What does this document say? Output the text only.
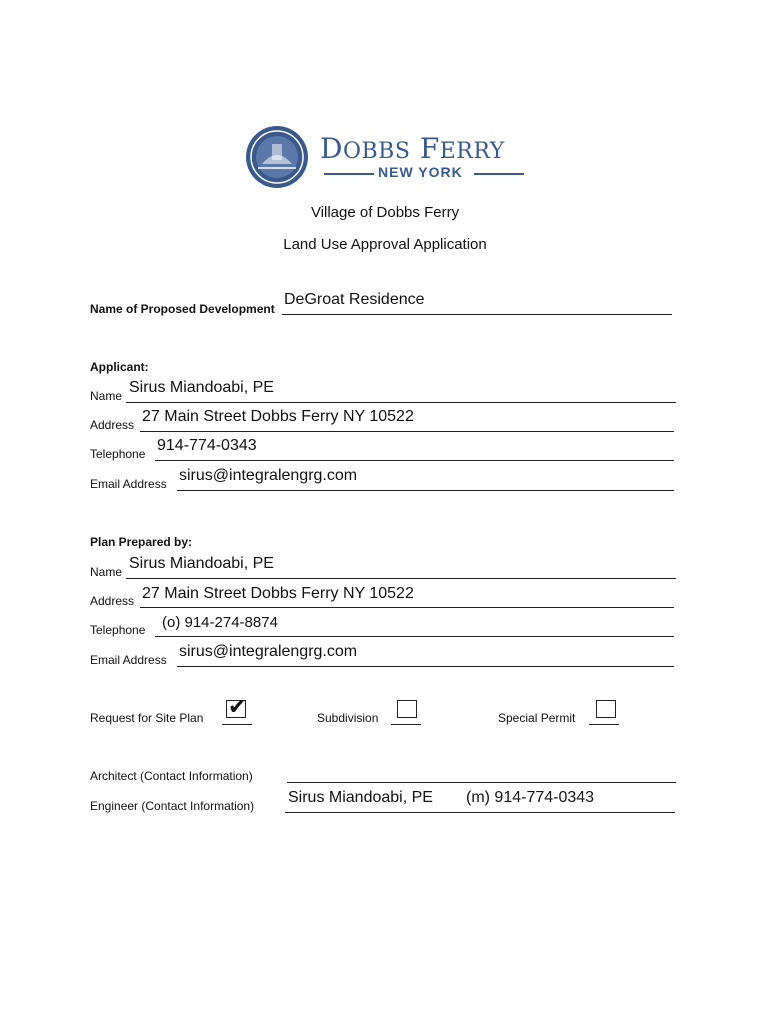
DOBBS FERRY
NEW YORK
Village of Dobbs Ferry
Land Use Approval Application
Name of Proposed Development
DeGroat Residence
Applicant:
Name Sirus Miandoabi, PE
Address 27 Main Street Dobbs Ferry NY 10522
Telephone 914-774-0343
Email Address sirus@integralengrg.com
Plan Prepared by:
Name Sirus Miandoabi, PE
Address 27 Main Street Dobbs Ferry NY 10522
Telephone (o) 914-274-8874
Email Address sirus@integralengrg.com
Request for Site Plan ✔	Subdivision	Special Permit
Architect (Contact Information)
Engineer (Contact Information) Sirus Miandoabi, PE (m) 914-774-0343
